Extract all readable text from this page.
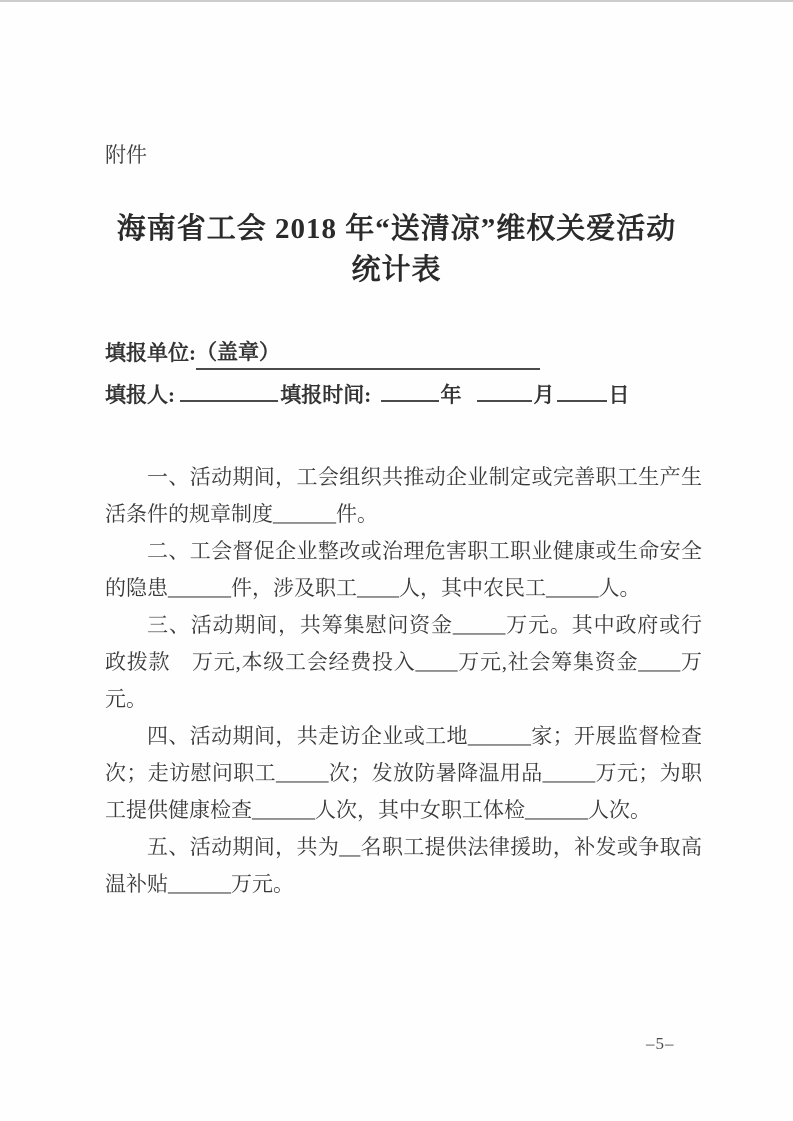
附件
海南省工会 2018 年“送清凉”维权关爱活动
统计表
填报单位:（盖章）
填报人:	填报时间:	年	月	日

一、活动期间，工会组织共推动企业制定或完善职工生产生活条件的规章制度______件。

二、工会督促企业整改或治理危害职工职业健康或生命安全的隐患______件，涉及职工____人，其中农民工_____人。

三、活动期间，共筹集慰问资金_____万元。其中政府或行政拨款　万元,本级工会经费投入____万元,社会筹集资金____万元。

四、活动期间，共走访企业或工地______家；开展监督检查次；走访慰问职工_____次；发放防暑降温用品_____万元；为职工提供健康检查______人次，其中女职工体检______人次。

五、活动期间，共为__名职工提供法律援助，补发或争取高温补贴______万元。

–5–
